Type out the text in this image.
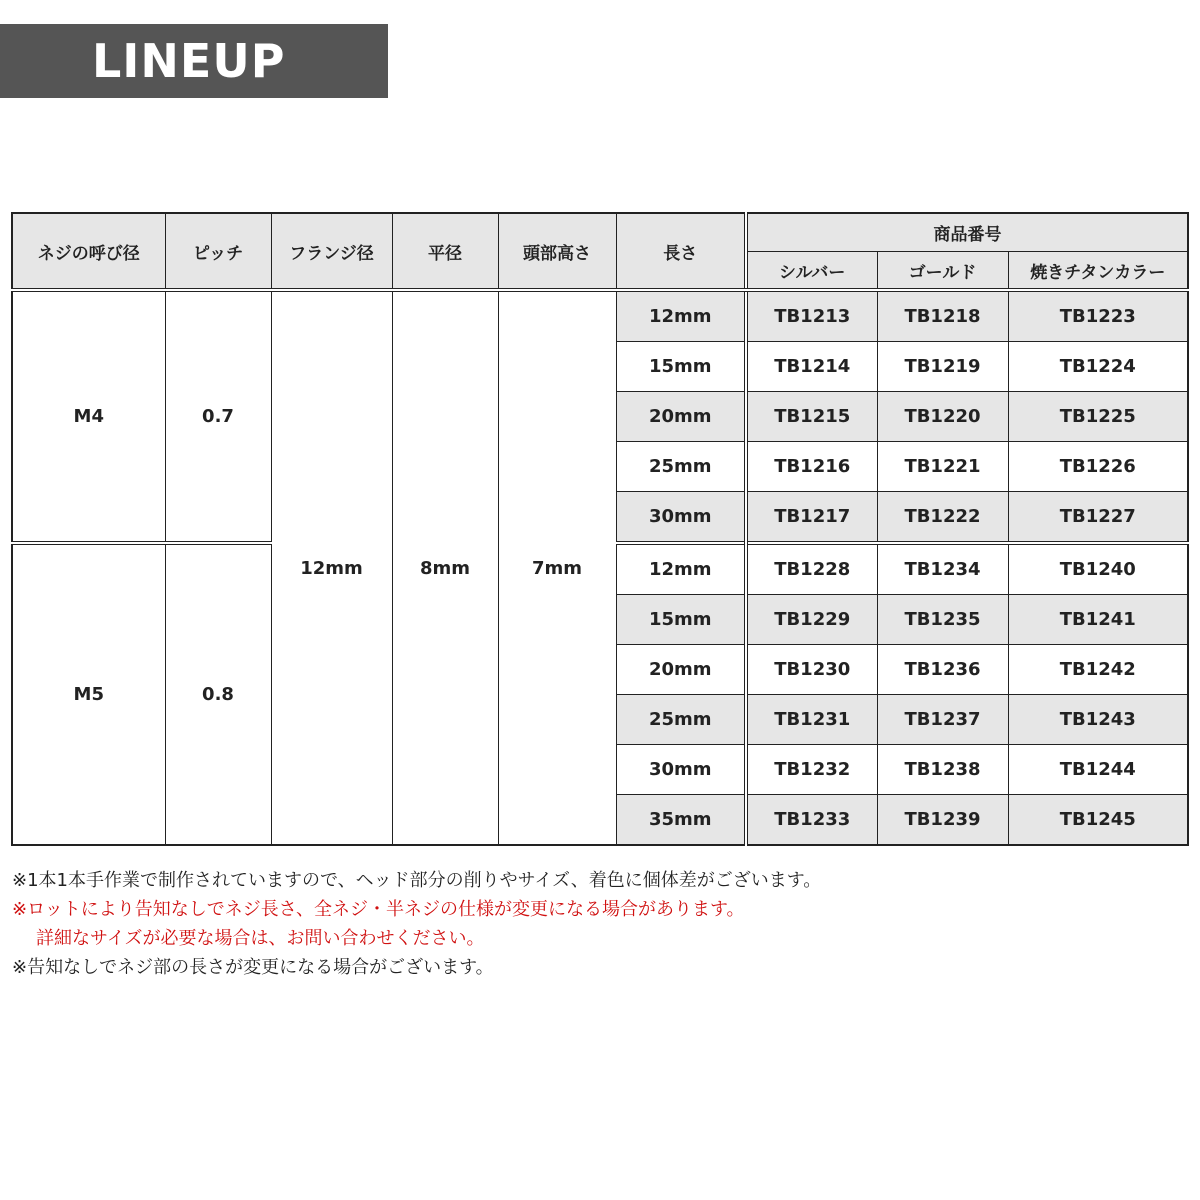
LINEUP
ネジの呼び径	ピッチ	フランジ径	平径	頭部高さ	長さ	商品番号		
						シルバー	ゴールド	焼きチタンカラー
M4	0.7	12mm	8mm	7mm	12mm	TB1213	TB1218	TB1223
					15mm	TB1214	TB1219	TB1224
					20mm	TB1215	TB1220	TB1225
					25mm	TB1216	TB1221	TB1226
					30mm	TB1217	TB1222	TB1227
M5	0.8				12mm	TB1228	TB1234	TB1240
					15mm	TB1229	TB1235	TB1241
					20mm	TB1230	TB1236	TB1242
					25mm	TB1231	TB1237	TB1243
					30mm	TB1232	TB1238	TB1244
					35mm	TB1233	TB1239	TB1245
※1本1本手作業で制作されていますので、ヘッド部分の削りやサイズ、着色に個体差がございます。
※ロットにより告知なしでネジ長さ、全ネジ・半ネジの仕様が変更になる場合があります。
詳細なサイズが必要な場合は、お問い合わせください。
※告知なしでネジ部の長さが変更になる場合がございます。
